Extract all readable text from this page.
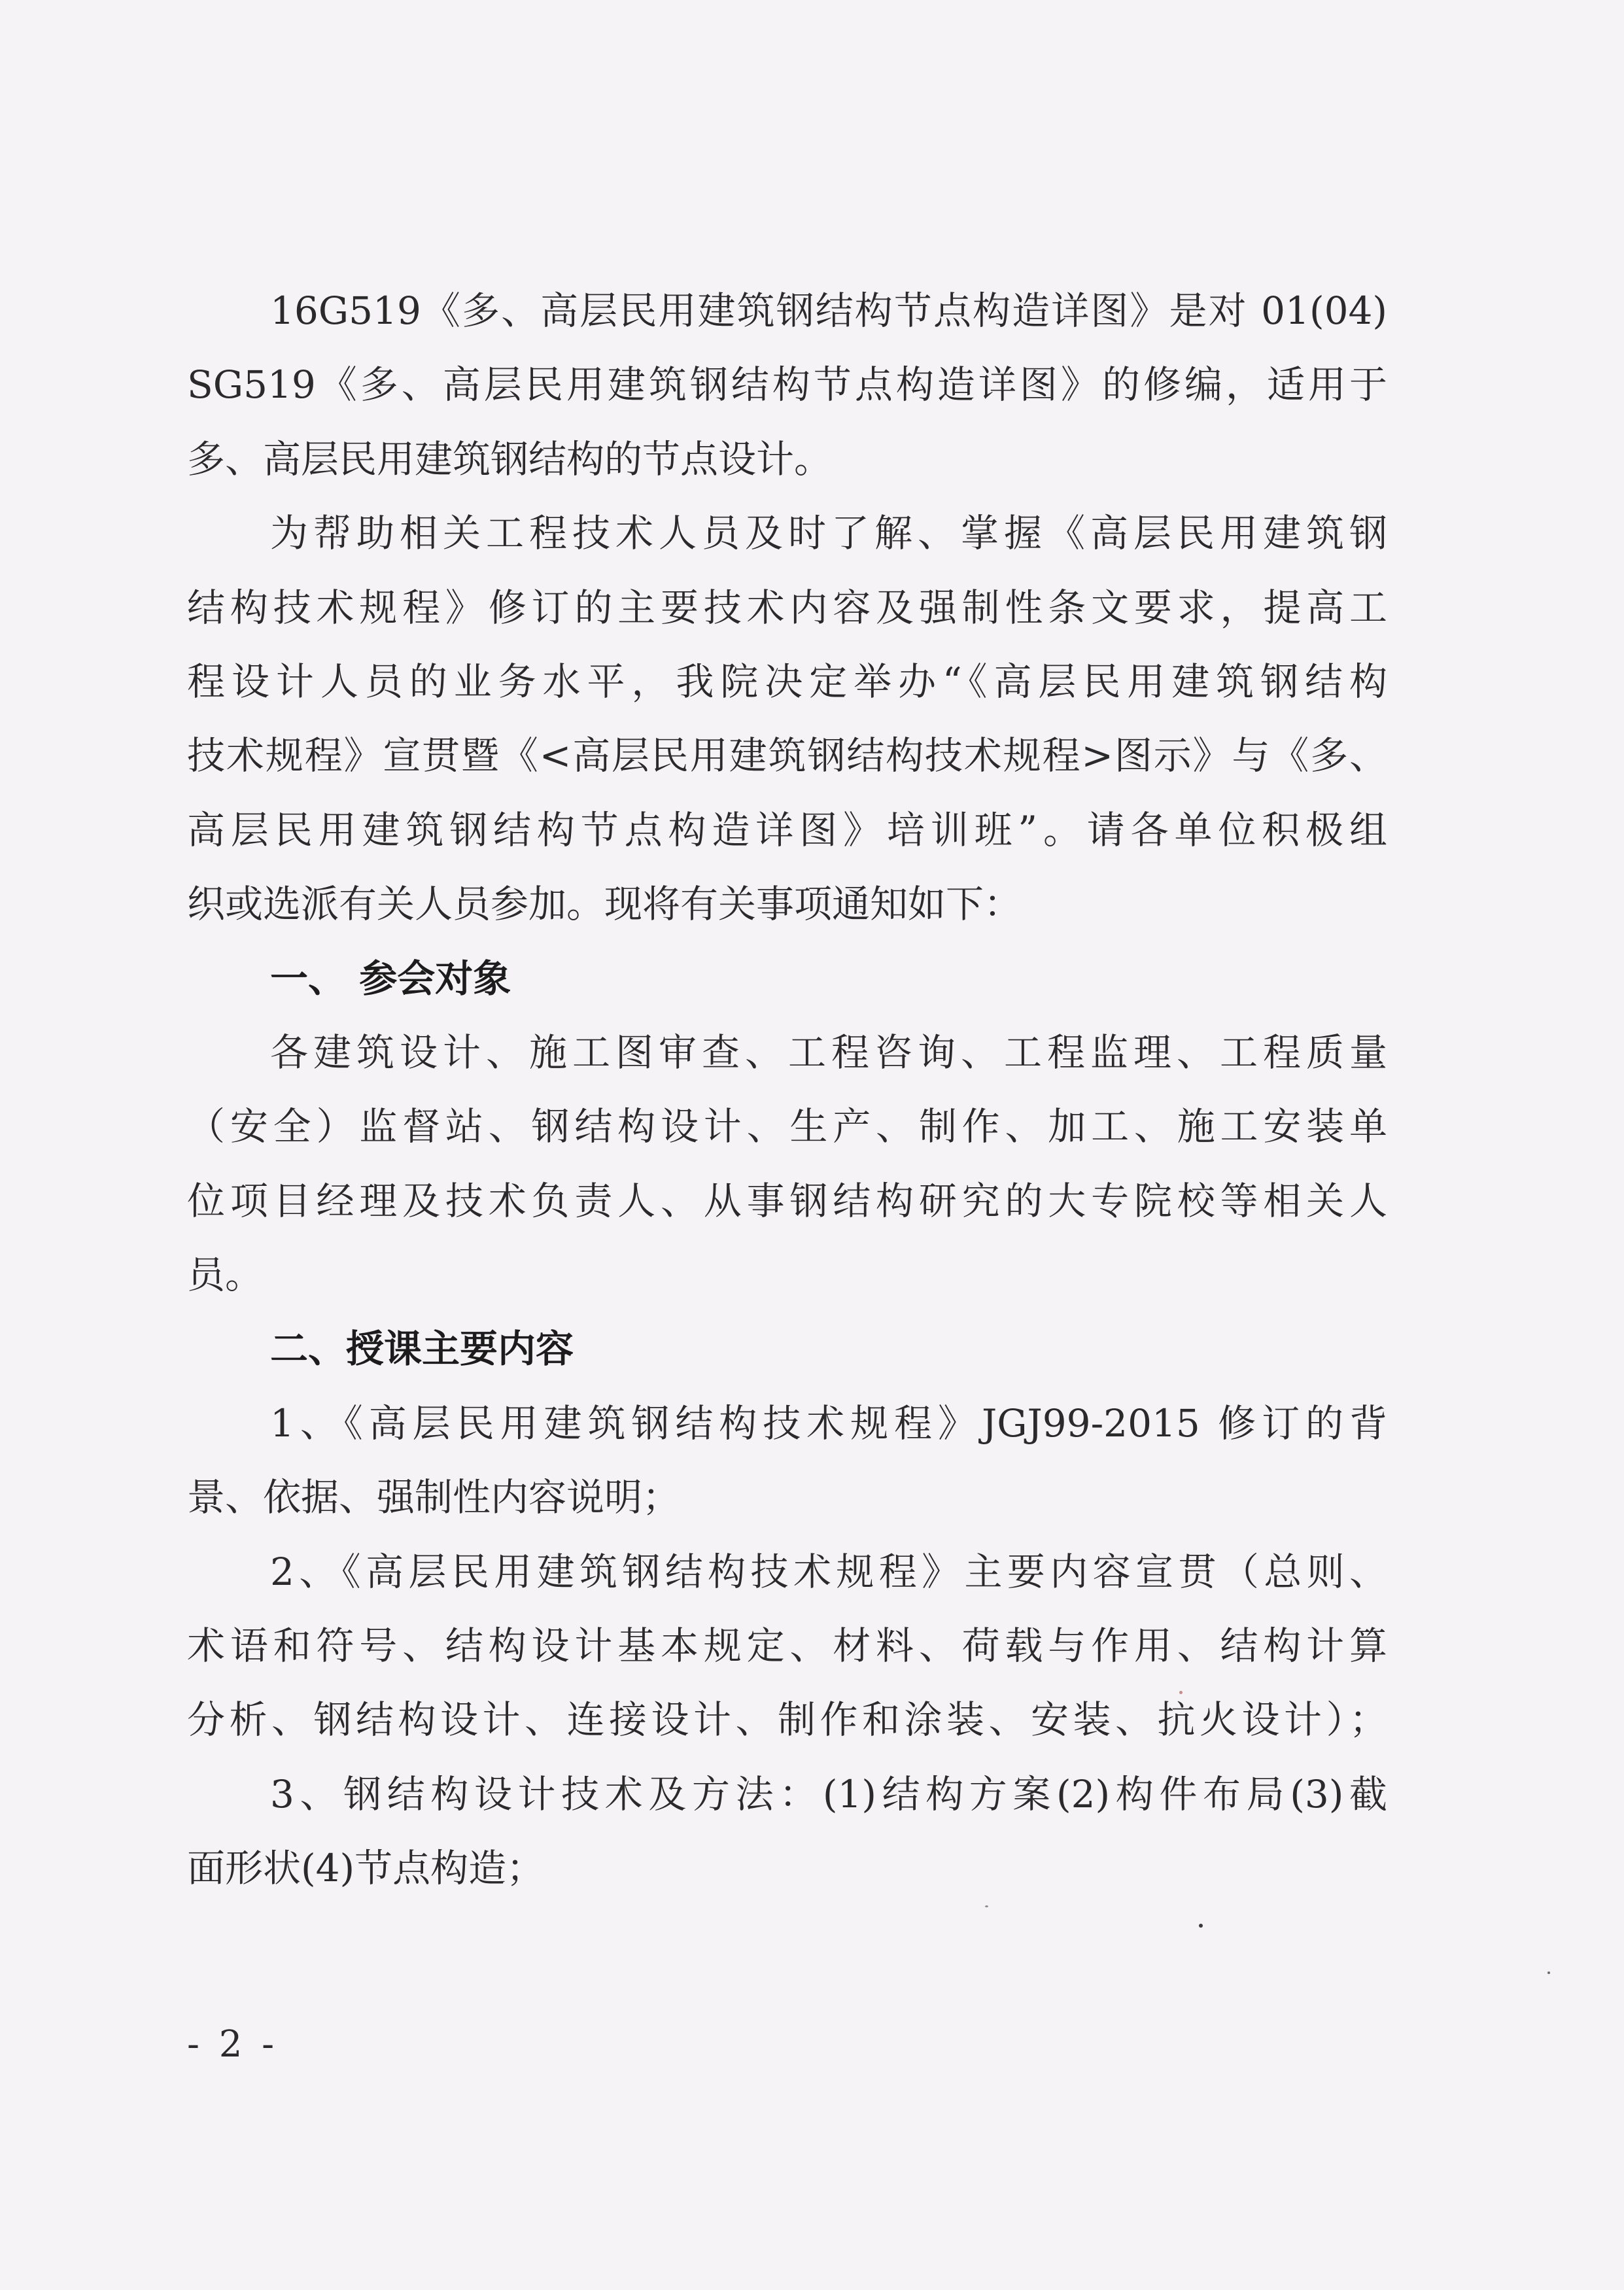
16G519《多、高层民用建筑钢结构节点构造详图》是对 01(04)
SG519《多、高层民用建筑钢结构节点构造详图》的修编，适用于
多、高层民用建筑钢结构的节点设计。
为帮助相关工程技术人员及时了解、掌握《高层民用建筑钢
结构技术规程》修订的主要技术内容及强制性条文要求，提高工
程设计人员的业务水平，我院决定举办“《高层民用建筑钢结构
技术规程》宣贯暨《<高层民用建筑钢结构技术规程>图示》与《多、
高层民用建筑钢结构节点构造详图》培训班”。请各单位积极组
织或选派有关人员参加。现将有关事项通知如下：
一、 参会对象
各建筑设计、施工图审查、工程咨询、工程监理、工程质量
（安全）监督站、钢结构设计、生产、制作、加工、施工安装单
位项目经理及技术负责人、从事钢结构研究的大专院校等相关人
员。
二、授课主要内容
1、《高层民用建筑钢结构技术规程》JGJ99-2015 修订的背
景、依据、强制性内容说明；
2、《高层民用建筑钢结构技术规程》主要内容宣贯（总则、
术语和符号、结构设计基本规定、材料、荷载与作用、结构计算
分析、钢结构设计、连接设计、制作和涂装、安装、抗火设计）；
3、钢结构设计技术及方法：(1)结构方案(2)构件布局(3)截
面形状(4)节点构造；
- 2 -
